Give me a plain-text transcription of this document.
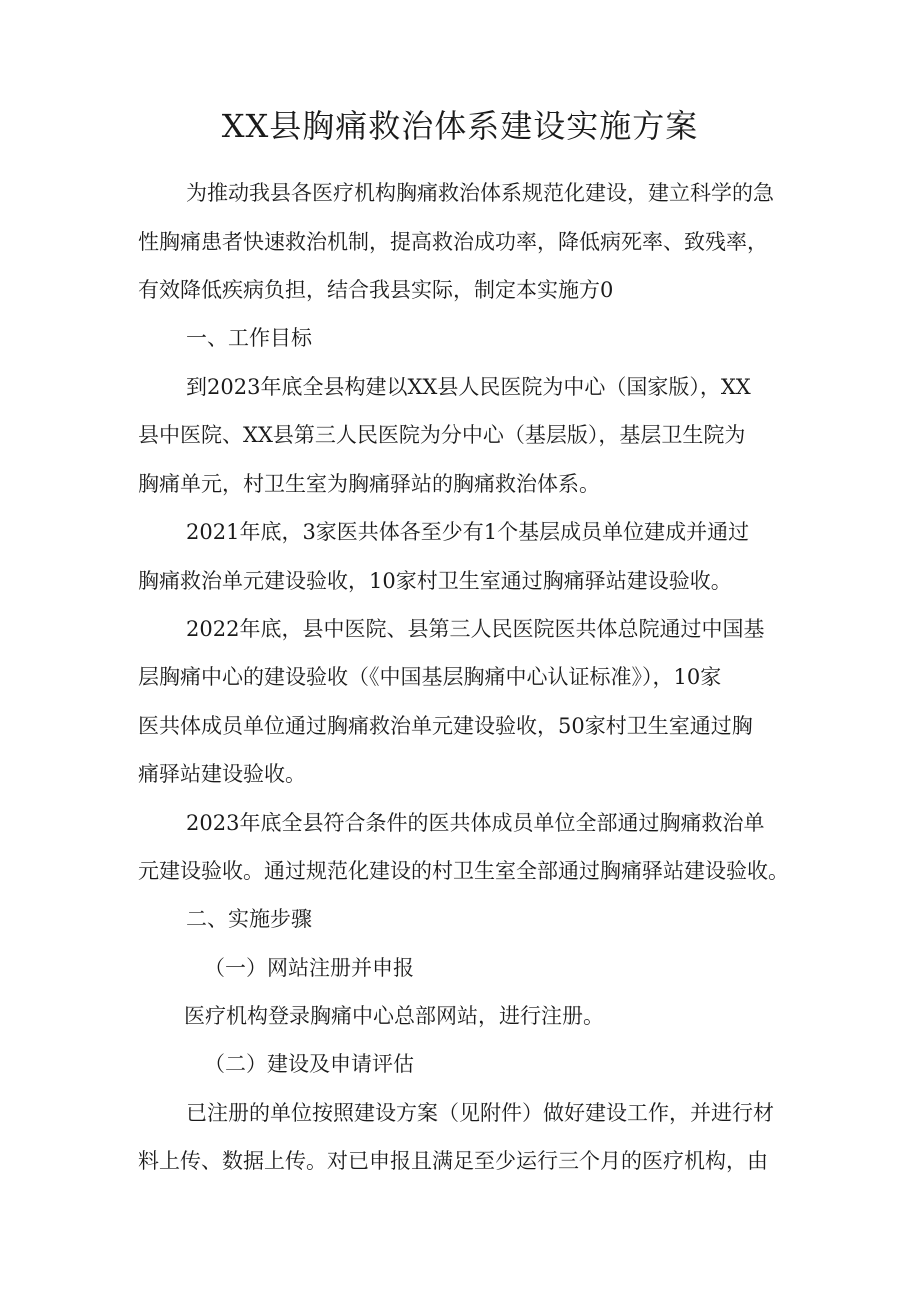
XX县胸痛救治体系建设实施方案
为推动我县各医疗机构胸痛救治体系规范化建设，建立科学的急
性胸痛患者快速救治机制，提高救治成功率，降低病死率、致残率，
有效降低疾病负担，结合我县实际，制定本实施方0
一、工作目标
到2023年底全县构建以XX县人民医院为中心（国家版），XX
县中医院、XX县第三人民医院为分中心（基层版），基层卫生院为
胸痛单元，村卫生室为胸痛驿站的胸痛救治体系。
2021年底，3家医共体各至少有1个基层成员单位建成并通过
胸痛救治单元建设验收，10家村卫生室通过胸痛驿站建设验收。
2022年底，县中医院、县第三人民医院医共体总院通过中国基
层胸痛中心的建设验收（《中国基层胸痛中心认证标准》），10家
医共体成员单位通过胸痛救治单元建设验收，50家村卫生室通过胸
痛驿站建设验收。
2023年底全县符合条件的医共体成员单位全部通过胸痛救治单
元建设验收。通过规范化建设的村卫生室全部通过胸痛驿站建设验收。
二、实施步骤
（一）网站注册并申报
医疗机构登录胸痛中心总部网站，进行注册。
（二）建设及申请评估
已注册的单位按照建设方案（见附件）做好建设工作，并进行材
料上传、数据上传。对已申报且满足至少运行三个月的医疗机构，由
